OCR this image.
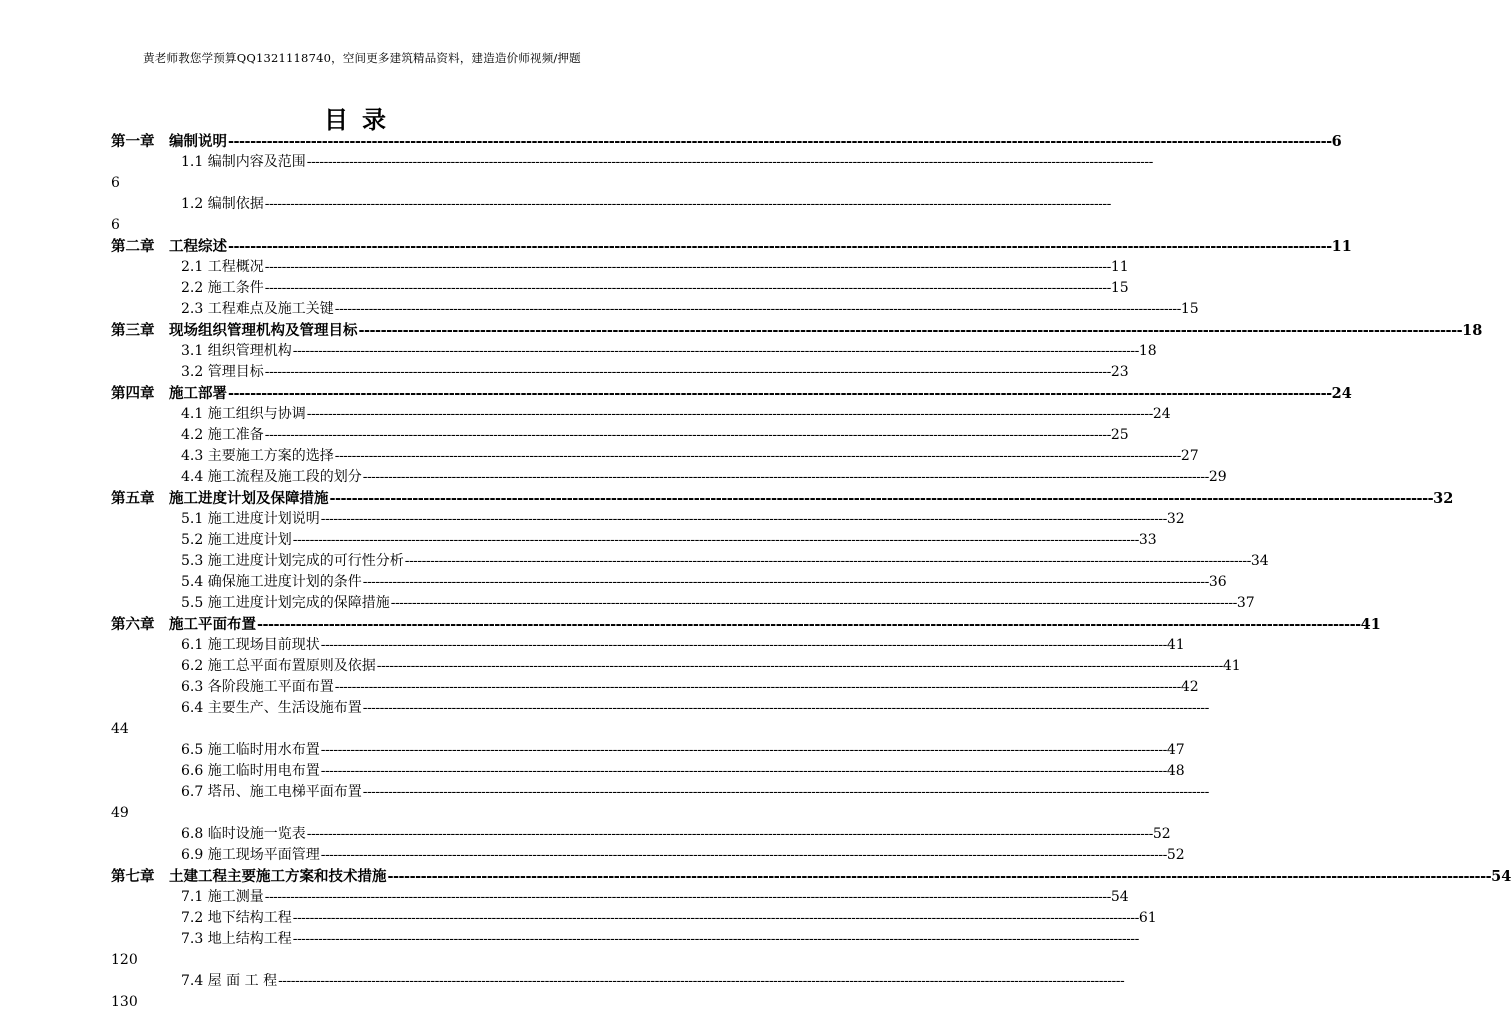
黄老师教您学预算QQ1321118740，空间更多建筑精品资料，建造造价师视频/押题
目录
第一章 编制说明 -------------------------------------------------------------------------------------------------------------------------------------------------------------------------------------------------------- 6
1.1 编制内容及范围 --------------------------------------------------------------------------------------------------------------------------------------------------------------------------------------------------------
6
1.2 编制依据 --------------------------------------------------------------------------------------------------------------------------------------------------------------------------------------------------------
6
第二章 工程综述 -------------------------------------------------------------------------------------------------------------------------------------------------------------------------------------------------------- 11
2.1 工程概况 -------------------------------------------------------------------------------------------------------------------------------------------------------------------------------------------------------- 11
2.2 施工条件 -------------------------------------------------------------------------------------------------------------------------------------------------------------------------------------------------------- 15
2.3 工程难点及施工关键 -------------------------------------------------------------------------------------------------------------------------------------------------------------------------------------------------------- 15
第三章 现场组织管理机构及管理目标 -------------------------------------------------------------------------------------------------------------------------------------------------------------------------------------------------------- 18
3.1 组织管理机构 -------------------------------------------------------------------------------------------------------------------------------------------------------------------------------------------------------- 18
3.2 管理目标 -------------------------------------------------------------------------------------------------------------------------------------------------------------------------------------------------------- 23
第四章 施工部署 -------------------------------------------------------------------------------------------------------------------------------------------------------------------------------------------------------- 24
4.1 施工组织与协调 -------------------------------------------------------------------------------------------------------------------------------------------------------------------------------------------------------- 24
4.2 施工准备 -------------------------------------------------------------------------------------------------------------------------------------------------------------------------------------------------------- 25
4.3 主要施工方案的选择 -------------------------------------------------------------------------------------------------------------------------------------------------------------------------------------------------------- 27
4.4 施工流程及施工段的划分 -------------------------------------------------------------------------------------------------------------------------------------------------------------------------------------------------------- 29
第五章 施工进度计划及保障措施 -------------------------------------------------------------------------------------------------------------------------------------------------------------------------------------------------------- 32
5.1 施工进度计划说明 -------------------------------------------------------------------------------------------------------------------------------------------------------------------------------------------------------- 32
5.2 施工进度计划 -------------------------------------------------------------------------------------------------------------------------------------------------------------------------------------------------------- 33
5.3 施工进度计划完成的可行性分析 -------------------------------------------------------------------------------------------------------------------------------------------------------------------------------------------------------- 34
5.4 确保施工进度计划的条件 -------------------------------------------------------------------------------------------------------------------------------------------------------------------------------------------------------- 36
5.5 施工进度计划完成的保障措施 -------------------------------------------------------------------------------------------------------------------------------------------------------------------------------------------------------- 37
第六章 施工平面布置 -------------------------------------------------------------------------------------------------------------------------------------------------------------------------------------------------------- 41
6.1 施工现场目前现状 -------------------------------------------------------------------------------------------------------------------------------------------------------------------------------------------------------- 41
6.2 施工总平面布置原则及依据 -------------------------------------------------------------------------------------------------------------------------------------------------------------------------------------------------------- 41
6.3 各阶段施工平面布置 -------------------------------------------------------------------------------------------------------------------------------------------------------------------------------------------------------- 42
6.4 主要生产、生活设施布置 --------------------------------------------------------------------------------------------------------------------------------------------------------------------------------------------------------
44
6.5 施工临时用水布置 -------------------------------------------------------------------------------------------------------------------------------------------------------------------------------------------------------- 47
6.6 施工临时用电布置 -------------------------------------------------------------------------------------------------------------------------------------------------------------------------------------------------------- 48
6.7 塔吊、施工电梯平面布置 --------------------------------------------------------------------------------------------------------------------------------------------------------------------------------------------------------
49
6.8 临时设施一览表 -------------------------------------------------------------------------------------------------------------------------------------------------------------------------------------------------------- 52
6.9 施工现场平面管理 -------------------------------------------------------------------------------------------------------------------------------------------------------------------------------------------------------- 52
第七章 土建工程主要施工方案和技术措施 -------------------------------------------------------------------------------------------------------------------------------------------------------------------------------------------------------- 54
7.1 施工测量 -------------------------------------------------------------------------------------------------------------------------------------------------------------------------------------------------------- 54
7.2 地下结构工程 -------------------------------------------------------------------------------------------------------------------------------------------------------------------------------------------------------- 61
7.3 地上结构工程 --------------------------------------------------------------------------------------------------------------------------------------------------------------------------------------------------------
120
7.4 屋 面 工 程 --------------------------------------------------------------------------------------------------------------------------------------------------------------------------------------------------------
130
